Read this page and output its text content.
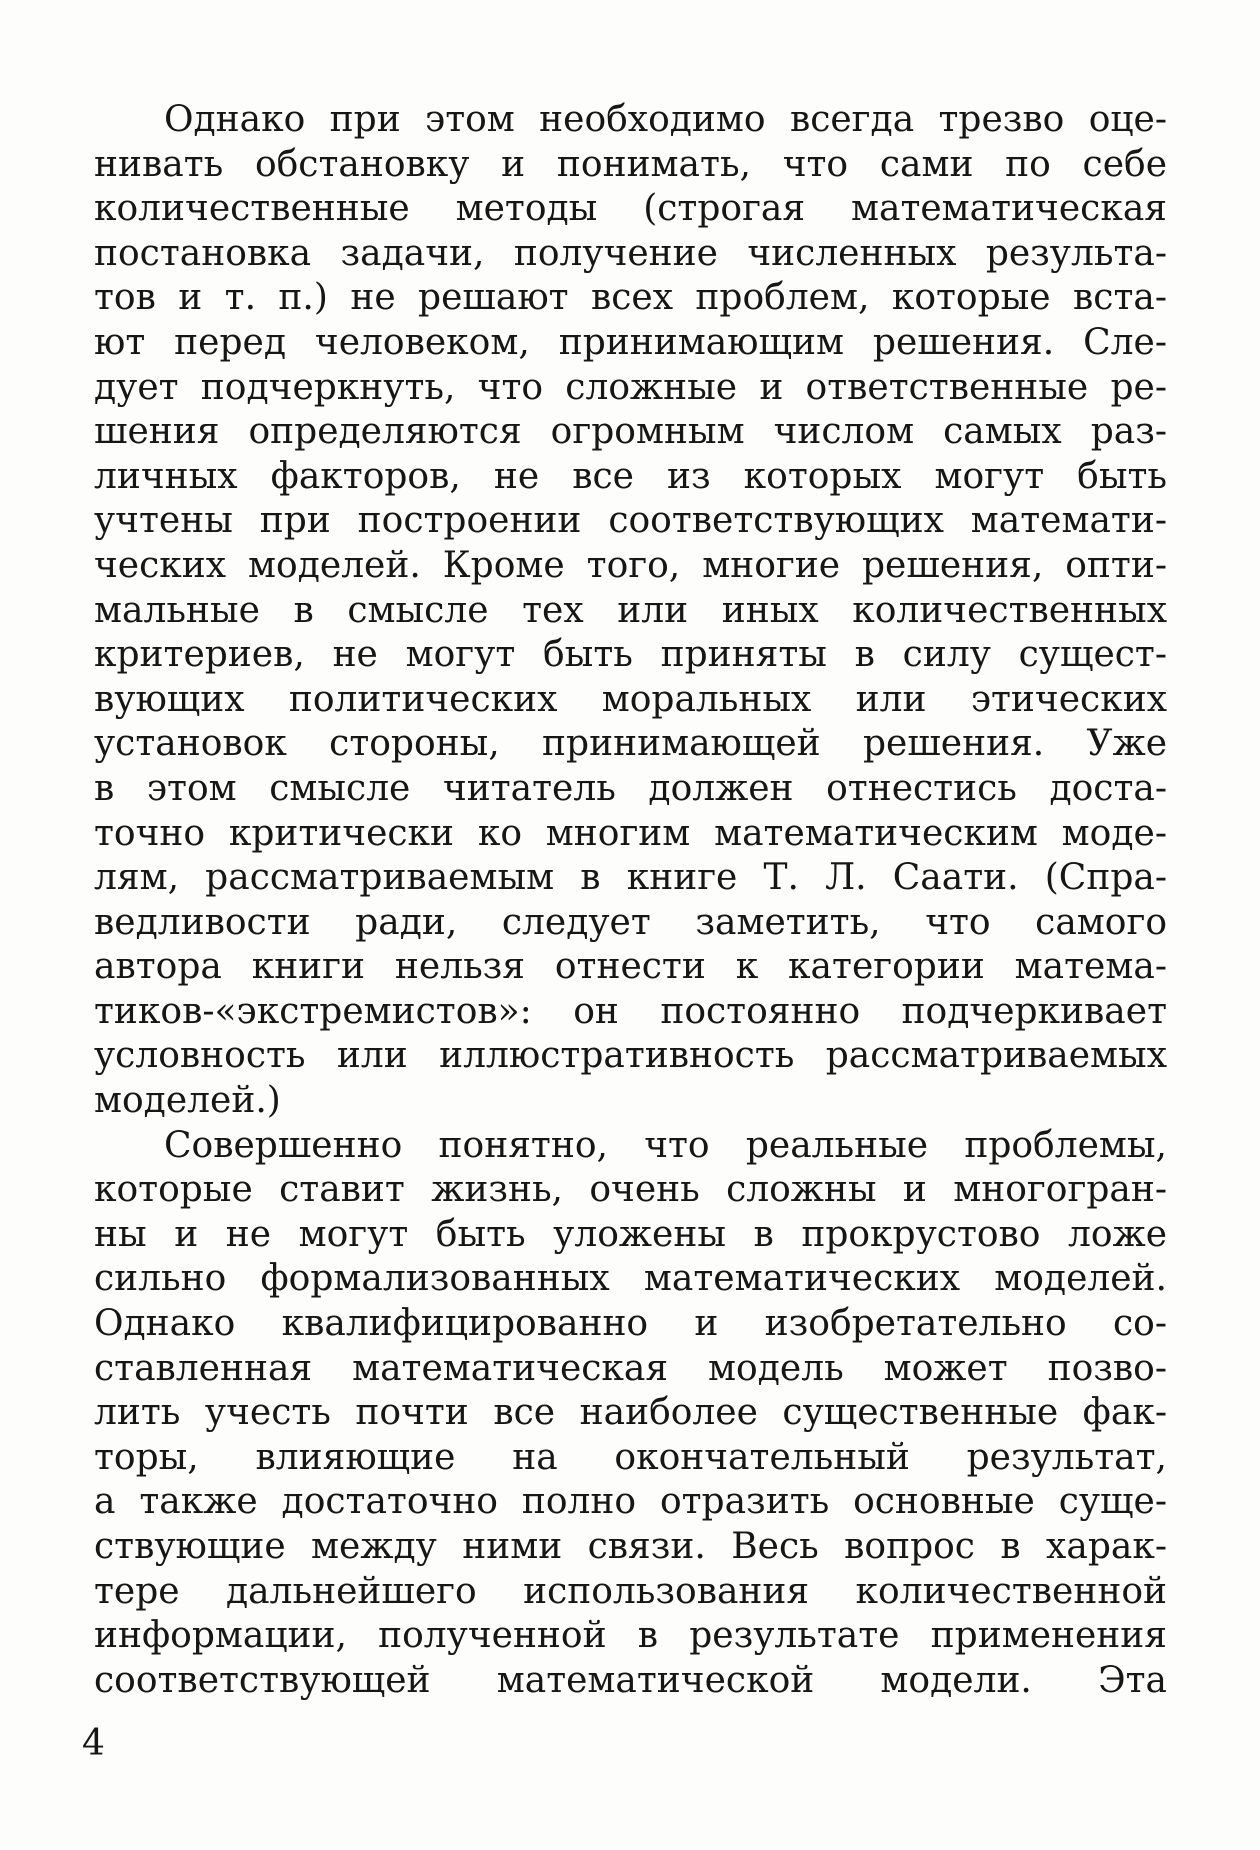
Однако при этом необходимо всегда трезво оце-
нивать обстановку и понимать, что сами по себе
количественные методы (строгая математическая
постановка задачи, получение численных результа-
тов и т. п.) не решают всех проблем, которые вста-
ют перед человеком, принимающим решения. Сле-
дует подчеркнуть, что сложные и ответственные ре-
шения определяются огромным числом самых раз-
личных факторов, не все из которых могут быть
учтены при построении соответствующих математи-
ческих моделей. Кроме того, многие решения, опти-
мальные в смысле тех или иных количественных
критериев, не могут быть приняты в силу сущест-
вующих политических моральных или этических
установок стороны, принимающей решения. Уже
в этом смысле читатель должен отнестись доста-
точно критически ко многим математическим моде-
лям, рассматриваемым в книге Т. Л. Саати. (Спра-
ведливости ради, следует заметить, что самого
автора книги нельзя отнести к категории матема-
тиков-«экстремистов»: он постоянно подчеркивает
условность или иллюстративность рассматриваемых
моделей.)
Совершенно понятно, что реальные проблемы,
которые ставит жизнь, очень сложны и многогран-
ны и не могут быть уложены в прокрустово ложе
сильно формализованных математических моделей.
Однако квалифицированно и изобретательно со-
ставленная математическая модель может позво-
лить учесть почти все наиболее существенные фак-
торы, влияющие на окончательный результат,
а также достаточно полно отразить основные суще-
ствующие между ними связи. Весь вопрос в харак-
тере дальнейшего использования количественной
информации, полученной в результате применения
соответствующей математической модели. Эта
4
